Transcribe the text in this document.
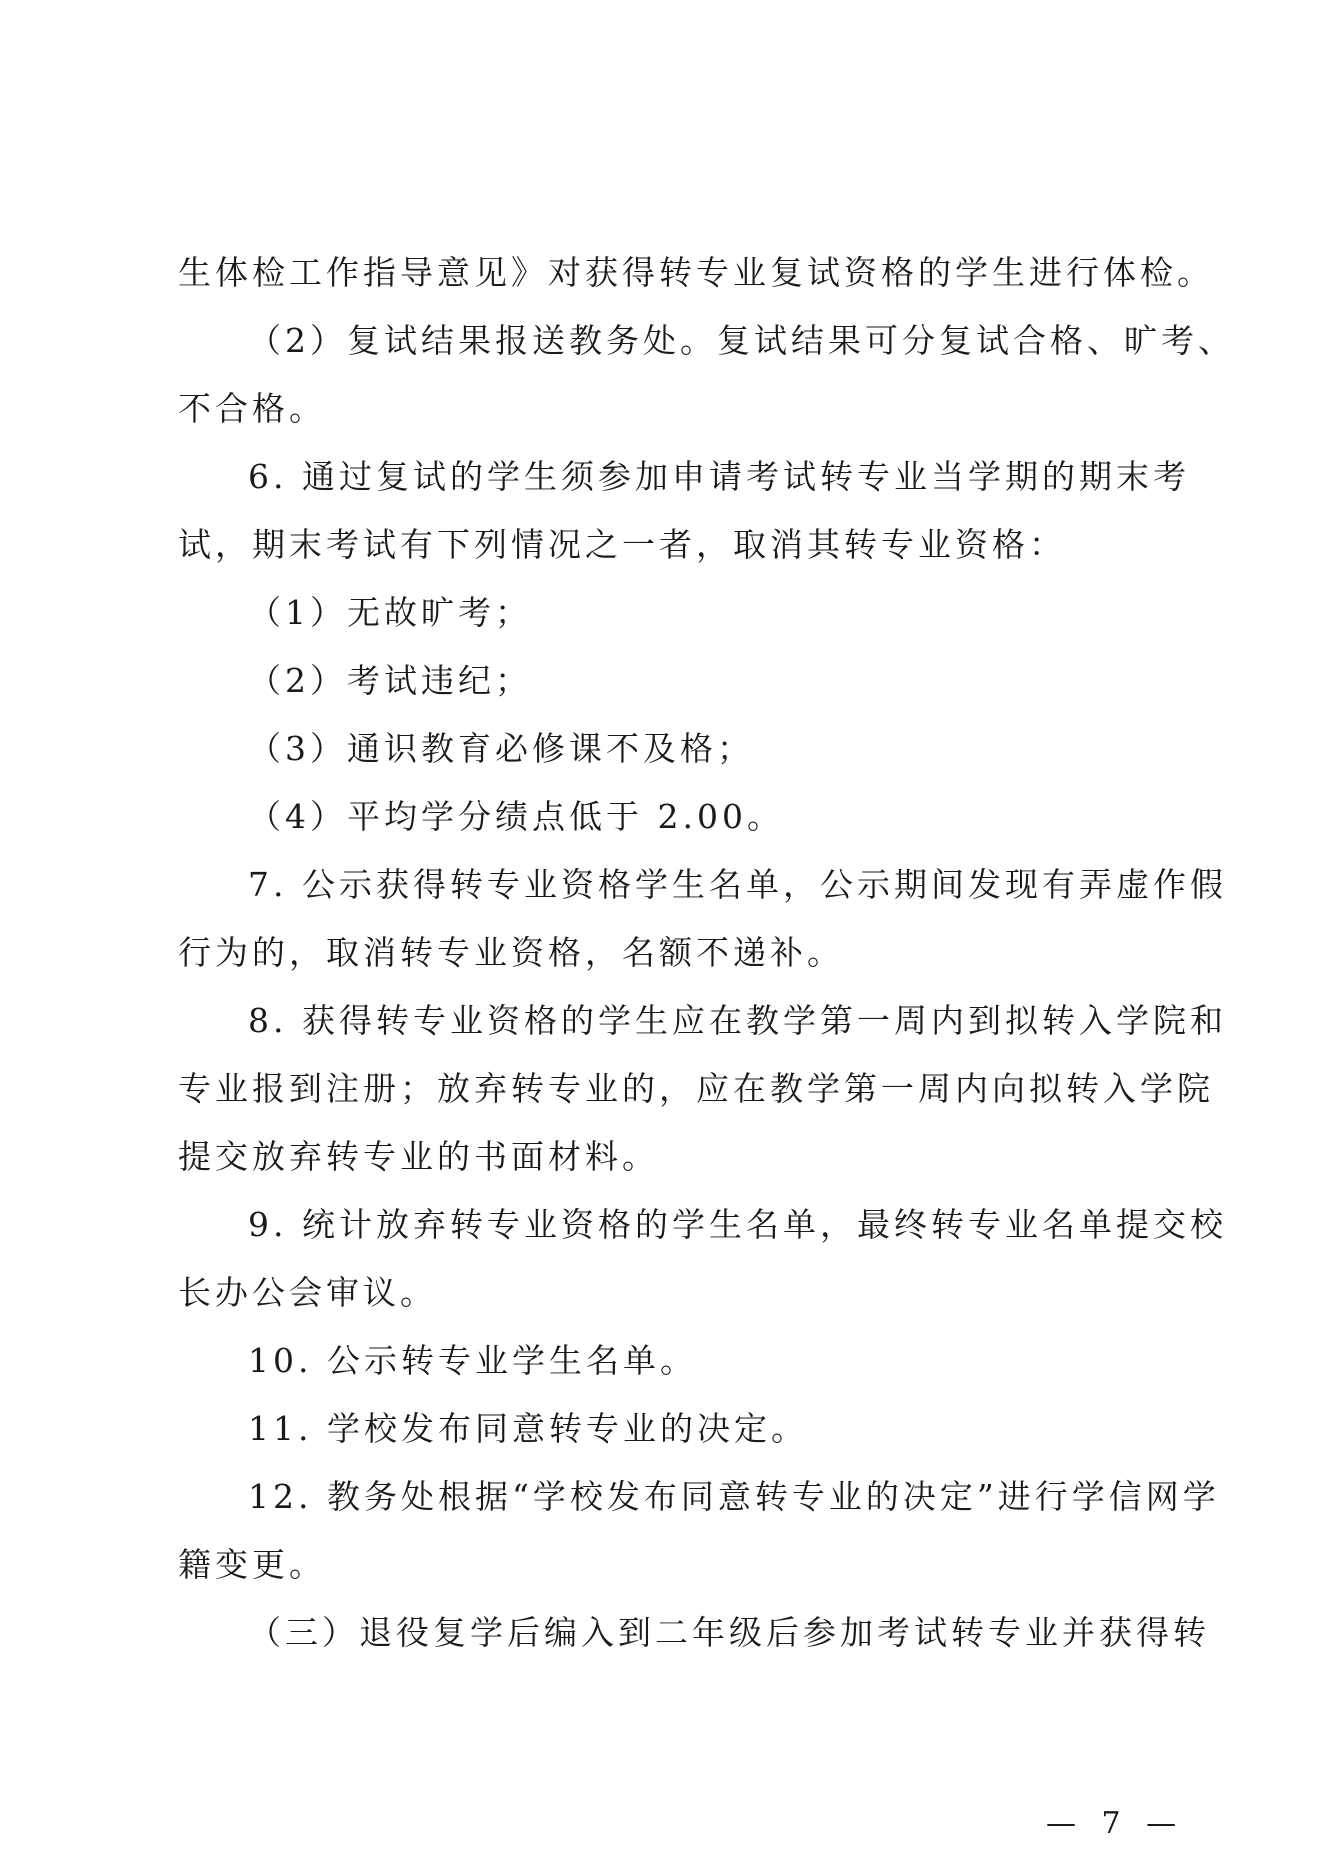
生体检工作指导意见》对获得转专业复试资格的学生进行体检。
（2）复试结果报送教务处。复试结果可分复试合格、旷考、
不合格。
6. 通过复试的学生须参加申请考试转专业当学期的期末考
试，期末考试有下列情况之一者，取消其转专业资格：
（1）无故旷考；
（2）考试违纪；
（3）通识教育必修课不及格；
（4）平均学分绩点低于 2.00。
7. 公示获得转专业资格学生名单，公示期间发现有弄虚作假
行为的，取消转专业资格，名额不递补。
8. 获得转专业资格的学生应在教学第一周内到拟转入学院和
专业报到注册；放弃转专业的，应在教学第一周内向拟转入学院
提交放弃转专业的书面材料。
9. 统计放弃转专业资格的学生名单，最终转专业名单提交校
长办公会审议。
10. 公示转专业学生名单。
11. 学校发布同意转专业的决定。
12. 教务处根据“学校发布同意转专业的决定”进行学信网学
籍变更。
（三）退役复学后编入到二年级后参加考试转专业并获得转
— 7 —
